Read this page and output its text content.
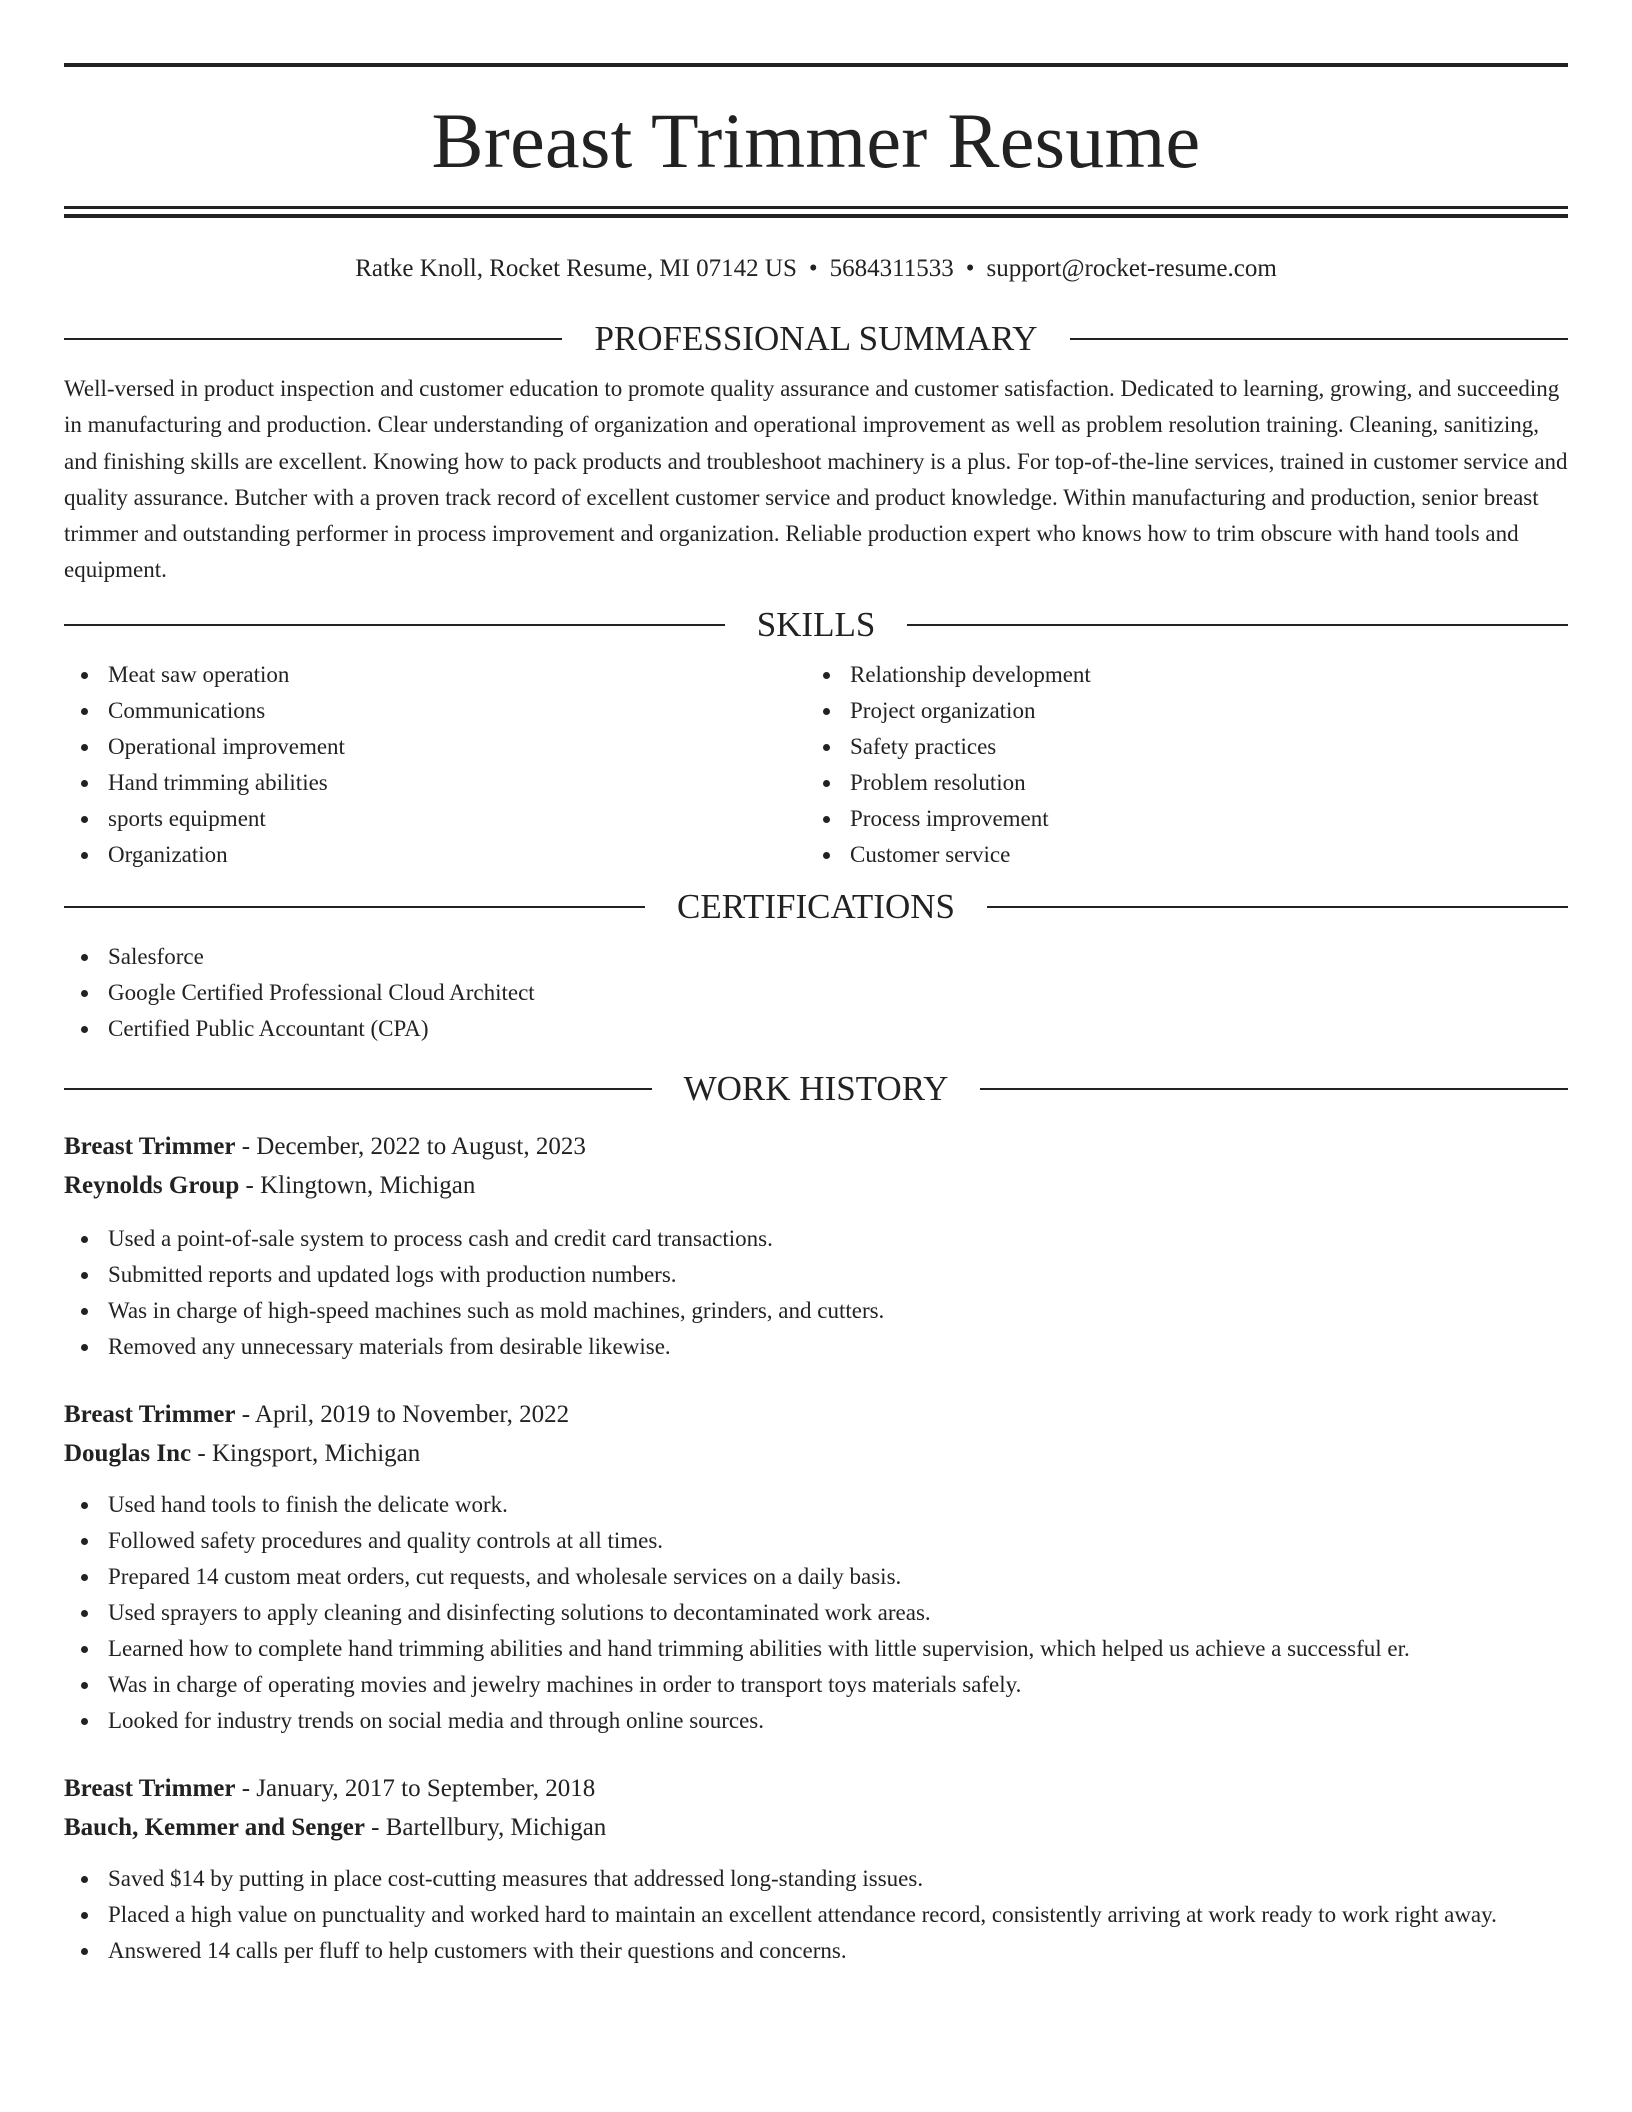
Breast Trimmer Resume
Ratke Knoll, Rocket Resume, MI 07142 US • 5684311533 • support@rocket-resume.com
PROFESSIONAL SUMMARY

Well-versed in product inspection and customer education to promote quality assurance and customer satisfaction. Dedicated to learning, growing, and succeeding in manufacturing and production. Clear understanding of organization and operational improvement as well as problem resolution training. Cleaning, sanitizing, and finishing skills are excellent. Knowing how to pack products and troubleshoot machinery is a plus. For top-of-the-line services, trained in customer service and quality assurance. Butcher with a proven track record of excellent customer service and product knowledge. Within manufacturing and production, senior breast trimmer and outstanding performer in process improvement and organization. Reliable production expert who knows how to trim obscure with hand tools and equipment.

SKILLS
Meat saw operation
Communications
Operational improvement
Hand trimming abilities
sports equipment
Organization
Relationship development
Project organization
Safety practices
Problem resolution
Process improvement
Customer service
CERTIFICATIONS
Salesforce
Google Certified Professional Cloud Architect
Certified Public Accountant (CPA)
WORK HISTORY
Breast Trimmer - December, 2022 to August, 2023
Reynolds Group - Klingtown, Michigan
Used a point-of-sale system to process cash and credit card transactions.
Submitted reports and updated logs with production numbers.
Was in charge of high-speed machines such as mold machines, grinders, and cutters.
Removed any unnecessary materials from desirable likewise.
Breast Trimmer - April, 2019 to November, 2022
Douglas Inc - Kingsport, Michigan
Used hand tools to finish the delicate work.
Followed safety procedures and quality controls at all times.
Prepared 14 custom meat orders, cut requests, and wholesale services on a daily basis.
Used sprayers to apply cleaning and disinfecting solutions to decontaminated work areas.
Learned how to complete hand trimming abilities and hand trimming abilities with little supervision, which helped us achieve a successful er.
Was in charge of operating movies and jewelry machines in order to transport toys materials safely.
Looked for industry trends on social media and through online sources.
Breast Trimmer - January, 2017 to September, 2018
Bauch, Kemmer and Senger - Bartellbury, Michigan
Saved $14 by putting in place cost-cutting measures that addressed long-standing issues.
Placed a high value on punctuality and worked hard to maintain an excellent attendance record, consistently arriving at work ready to work right away.
Answered 14 calls per fluff to help customers with their questions and concerns.
